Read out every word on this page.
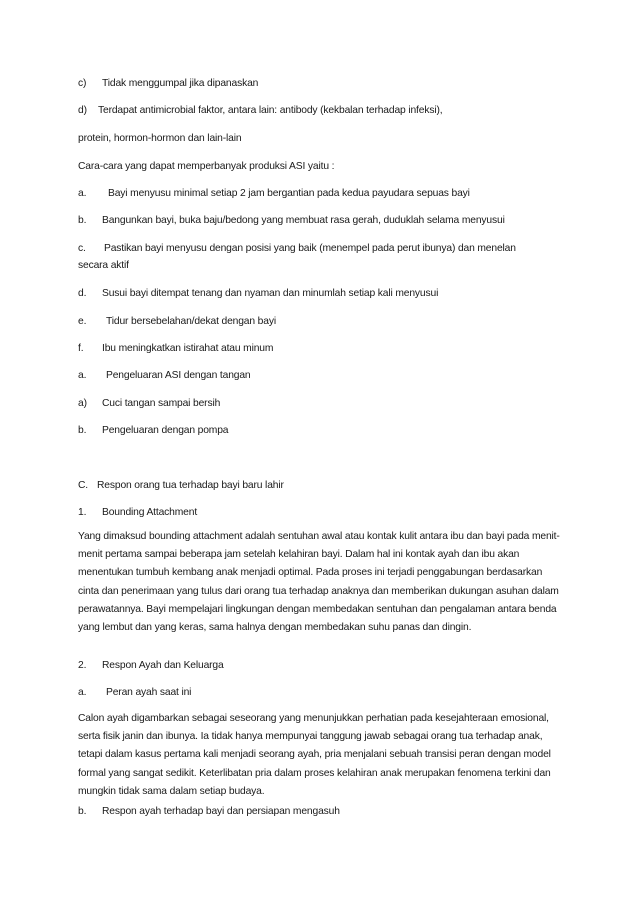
c) Tidak menggumpal jika dipanaskan
d) Terdapat antimicrobial faktor, antara lain: antibody (kekbalan terhadap infeksi),
protein, hormon-hormon dan lain-lain
Cara-cara yang dapat memperbanyak produksi ASI yaitu :
a. Bayi menyusu minimal setiap 2 jam bergantian pada kedua payudara sepuas bayi
b. Bangunkan bayi, buka baju/bedong yang membuat rasa gerah, duduklah selama menyusui
c. Pastikan bayi menyusu dengan posisi yang baik (menempel pada perut ibunya) dan menelan
secara aktif
d. Susui bayi ditempat tenang dan nyaman dan minumlah setiap kali menyusui
e. Tidur bersebelahan/dekat dengan bayi
f. Ibu meningkatkan istirahat atau minum
a. Pengeluaran ASI dengan tangan
a) Cuci tangan sampai bersih
b. Pengeluaran dengan pompa
C. Respon orang tua terhadap bayi baru lahir
1. Bounding Attachment
Yang dimaksud bounding attachment adalah sentuhan awal atau kontak kulit antara ibu dan bayi pada menit-menit pertama sampai beberapa jam setelah kelahiran bayi. Dalam hal ini kontak ayah dan ibu akan menentukan tumbuh kembang anak menjadi optimal. Pada proses ini terjadi penggabungan berdasarkan cinta dan penerimaan yang tulus dari orang tua terhadap anaknya dan memberikan dukungan asuhan dalam perawatannya. Bayi mempelajari lingkungan dengan membedakan sentuhan dan pengalaman antara benda yang lembut dan yang keras, sama halnya dengan membedakan suhu panas dan dingin.
2. Respon Ayah dan Keluarga
a. Peran ayah saat ini
Calon ayah digambarkan sebagai seseorang yang menunjukkan perhatian pada kesejahteraan emosional, serta fisik janin dan ibunya. Ia tidak hanya mempunyai tanggung jawab sebagai orang tua terhadap anak, tetapi dalam kasus pertama kali menjadi seorang ayah, pria menjalani sebuah transisi peran dengan model formal yang sangat sedikit. Keterlibatan pria dalam proses kelahiran anak merupakan fenomena terkini dan mungkin tidak sama dalam setiap budaya.
b. Respon ayah terhadap bayi dan persiapan mengasuh
